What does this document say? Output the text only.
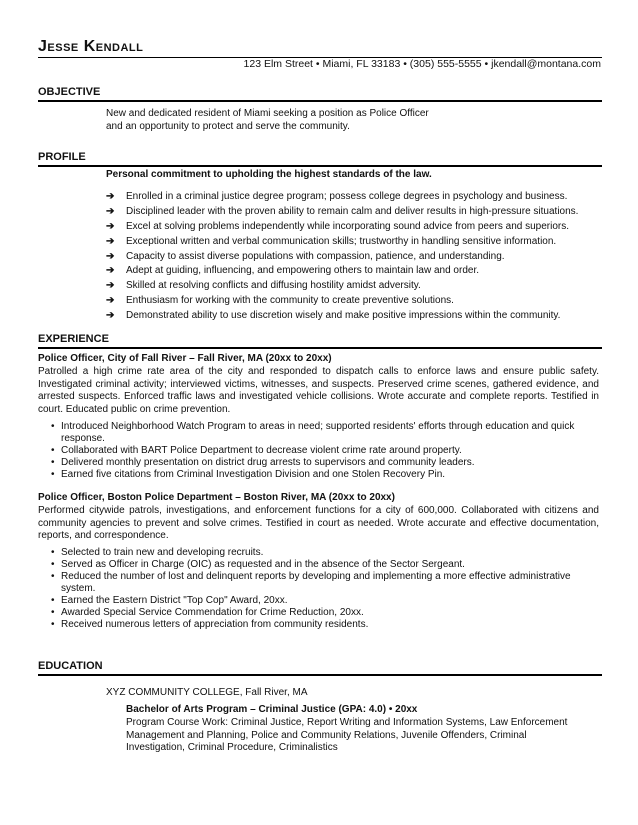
Jesse Kendall
123 Elm Street • Miami, FL 33183 • (305) 555-5555 • jkendall@montana.com
OBJECTIVE
New and dedicated resident of Miami seeking a position as Police Officer
and an opportunity to protect and serve the community.
PROFILE
Personal commitment to upholding the highest standards of the law.
➔ Enrolled in a criminal justice degree program; possess college degrees in psychology and business.
➔ Disciplined leader with the proven ability to remain calm and deliver results in high-pressure situations.
➔ Excel at solving problems independently while incorporating sound advice from peers and superiors.
➔ Exceptional written and verbal communication skills; trustworthy in handling sensitive information.
➔ Capacity to assist diverse populations with compassion, patience, and understanding.
➔ Adept at guiding, influencing, and empowering others to maintain law and order.
➔ Skilled at resolving conflicts and diffusing hostility amidst adversity.
➔ Enthusiasm for working with the community to create preventive solutions.
➔ Demonstrated ability to use discretion wisely and make positive impressions within the community.
EXPERIENCE
Police Officer, City of Fall River – Fall River, MA (20xx to 20xx)
Patrolled a high crime rate area of the city and responded to dispatch calls to enforce laws and ensure public safety. Investigated criminal activity; interviewed victims, witnesses, and suspects. Preserved crime scenes, gathered evidence, and arrested suspects. Enforced traffic laws and investigated vehicle collisions. Wrote accurate and complete reports. Testified in court. Educated public on crime prevention.
• Introduced Neighborhood Watch Program to areas in need; supported residents' efforts through education and quick response.
• Collaborated with BART Police Department to decrease violent crime rate around property.
• Delivered monthly presentation on district drug arrests to supervisors and community leaders.
• Earned five citations from Criminal Investigation Division and one Stolen Recovery Pin.
Police Officer, Boston Police Department – Boston River, MA (20xx to 20xx)
Performed citywide patrols, investigations, and enforcement functions for a city of 600,000. Collaborated with citizens and community agencies to prevent and solve crimes. Testified in court as needed. Wrote accurate and effective documentation, reports, and correspondence.
• Selected to train new and developing recruits.
• Served as Officer in Charge (OIC) as requested and in the absence of the Sector Sergeant.
• Reduced the number of lost and delinquent reports by developing and implementing a more effective administrative system.
• Earned the Eastern District "Top Cop" Award, 20xx.
• Awarded Special Service Commendation for Crime Reduction, 20xx.
• Received numerous letters of appreciation from community residents.
EDUCATION
XYZ COMMUNITY COLLEGE, Fall River, MA
Bachelor of Arts Program – Criminal Justice (GPA: 4.0) • 20xx
Program Course Work: Criminal Justice, Report Writing and Information Systems, Law Enforcement Management and Planning, Police and Community Relations, Juvenile Offenders, Criminal Investigation, Criminal Procedure, Criminalistics
